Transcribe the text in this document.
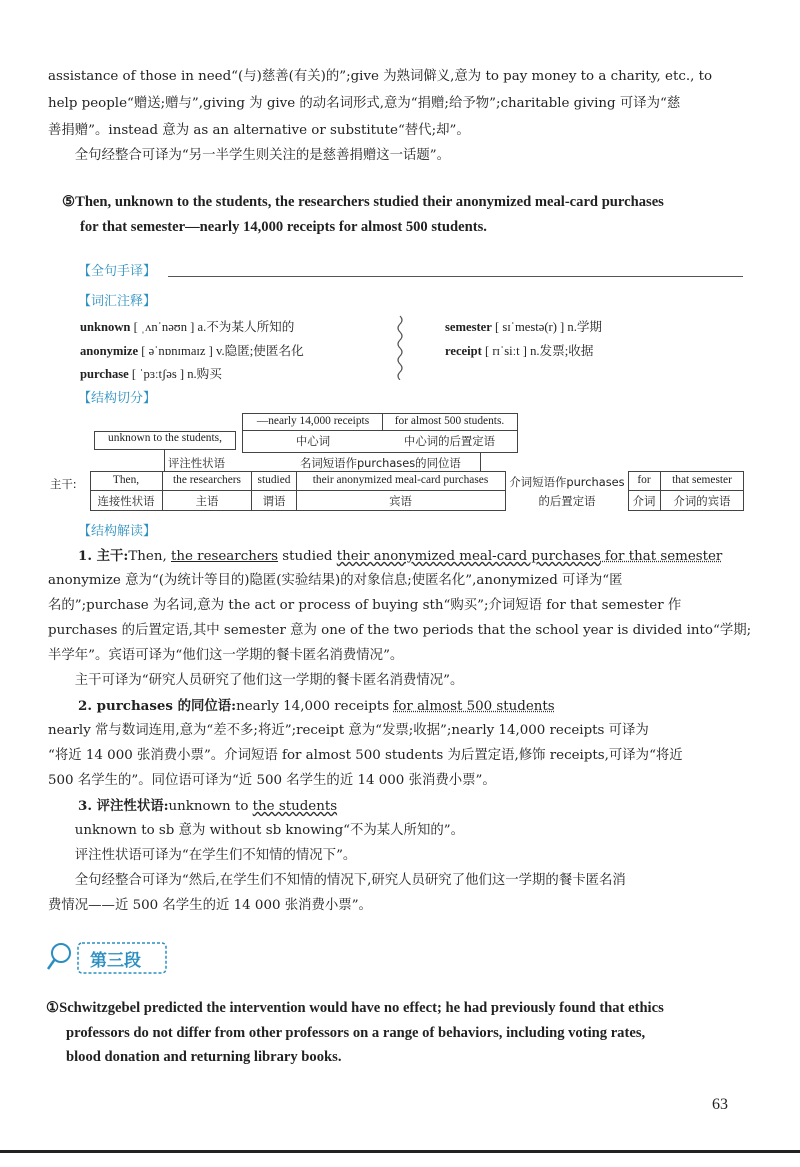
assistance of those in need“(与)慈善(有关)的”;give 为熟词僻义,意为 to pay money to a charity, etc., to

help people“赠送;赠与”,giving 为 give 的动名词形式,意为“捐赠;给予物”;charitable giving 可译为“慈

善捐赠”。instead 意为 as an alternative or substitute“替代;却”。

全句经整合可译为“另一半学生则关注的是慈善捐赠这一话题”。

⑤Then, unknown to the students, the researchers studied their anonymized meal-card purchases

for that semester—nearly 14,000 receipts for almost 500 students.

【全句手译】
【词汇注释】
unknown [ ˌʌnˈnəʊn ] a.不为某人所知的
anonymize [ əˈnɒnɪmaɪz ] v.隐匿;使匿名化
purchase [ ˈpɜːtʃəs ] n.购买
semester [ sɪˈmestə(r) ] n.学期
receipt [ rɪˈsiːt ] n.发票;收据
【结构切分】
—nearly 14,000 receipts	for almost 500 students.
中心词	中心词的后置定语
unknown to the students,
评注性状语	名词短语作purchases的同位语
主干:	Then,	the researchers	studied	their anonymized meal-card purchases
连接性状语	主语	谓语	宾语
介词短语作purchases
的后置定语
for	that semester
介词	介词的宾语
【结构解读】

1. 主干:Then, the researchers studied their anonymized meal-card purchases for that semester

anonymize 意为“(为统计等目的)隐匿(实验结果)的对象信息;使匿名化”,anonymized 可译为“匿

名的”;purchase 为名词,意为 the act or process of buying sth“购买”;介词短语 for that semester 作

purchases 的后置定语,其中 semester 意为 one of the two periods that the school year is divided into“学期;

半学年”。宾语可译为“他们这一学期的餐卡匿名消费情况”。

主干可译为“研究人员研究了他们这一学期的餐卡匿名消费情况”。

2. purchases 的同位语:nearly 14,000 receipts for almost 500 students

nearly 常与数词连用,意为“差不多;将近”;receipt 意为“发票;收据”;nearly 14,000 receipts 可译为

“将近 14 000 张消费小票”。介词短语 for almost 500 students 为后置定语,修饰 receipts,可译为“将近

500 名学生的”。同位语可译为“近 500 名学生的近 14 000 张消费小票”。

3. 评注性状语:unknown to the students

unknown to sb 意为 without sb knowing“不为某人所知的”。

评注性状语可译为“在学生们不知情的情况下”。

全句经整合可译为“然后,在学生们不知情的情况下,研究人员研究了他们这一学期的餐卡匿名消

费情况——近 500 名学生的近 14 000 张消费小票”。

第三段

①Schwitzgebel predicted the intervention would have no effect; he had previously found that ethics

professors do not differ from other professors on a range of behaviors, including voting rates,

blood donation and returning library books.

63
